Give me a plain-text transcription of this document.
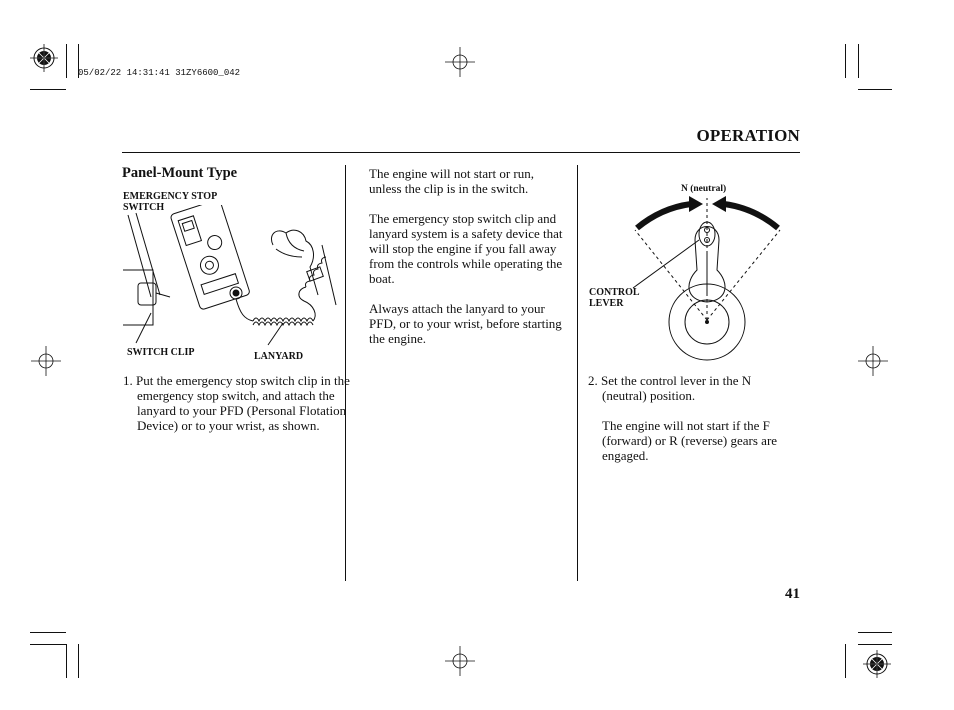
05/02/22 14:31:41 31ZY6600_042
OPERATION
Panel-Mount Type
EMERGENCY STOP
SWITCH
SWITCH CLIP	LANYARD
1. Put the emergency stop switch clip in the emergency stop switch, and attach the lanyard to your PFD (Personal Flotation Device) or to your wrist, as shown.

The engine will not start or run, unless the clip is in the switch.

The emergency stop switch clip and lanyard system is a safety device that will stop the engine if you fall away from the controls while operating the boat.

Always attach the lanyard to your PFD, or to your wrist, before starting the engine.

N (neutral)
CONTROL
LEVER

2. Set the control lever in the N (neutral) position.

The engine will not start if the F (forward) or R (reverse) gears are engaged.

41
